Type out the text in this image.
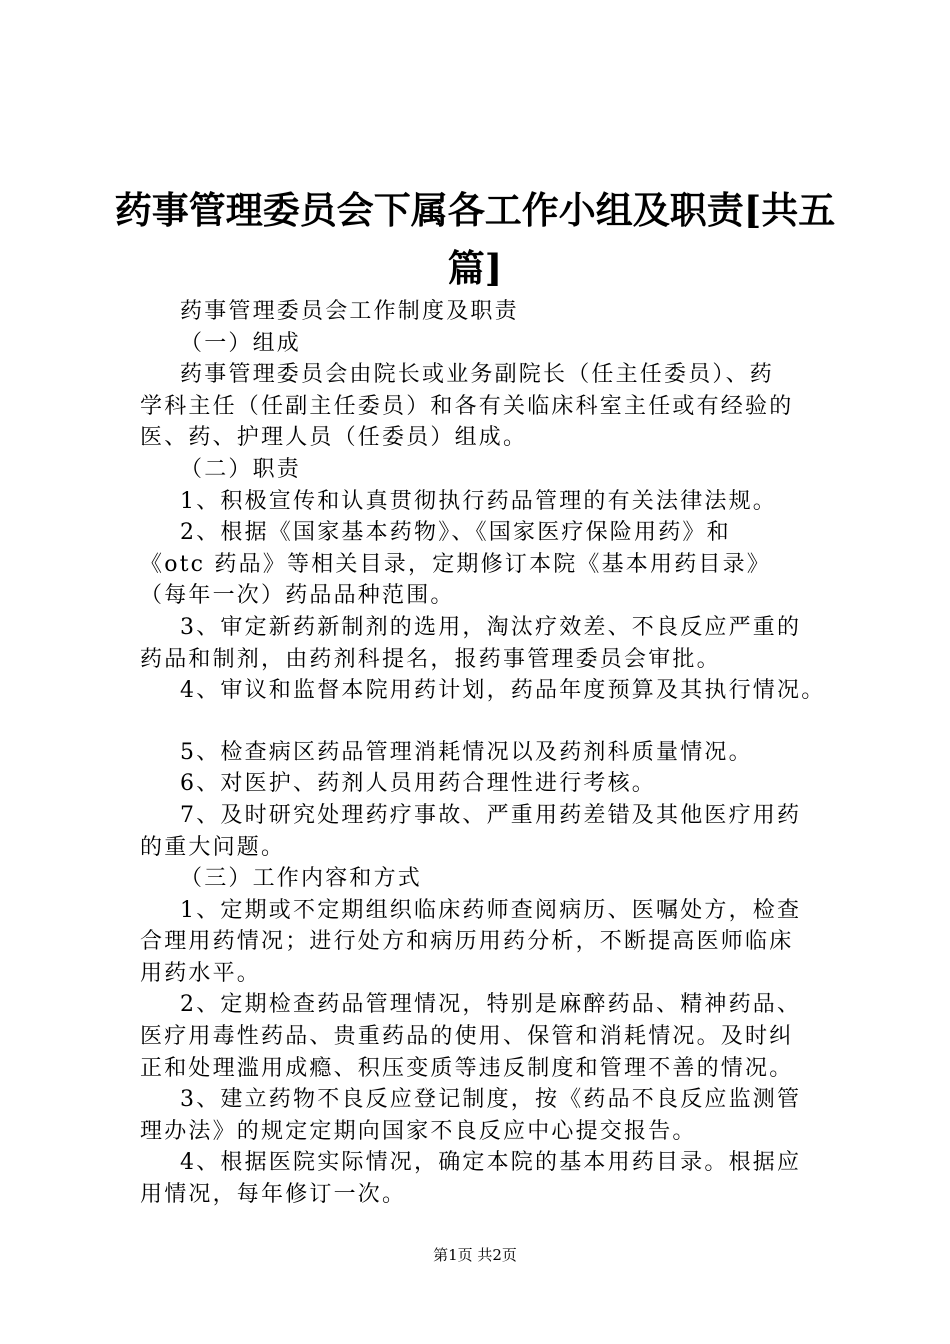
药事管理委员会下属各工作小组及职责[共五
篇]
药事管理委员会工作制度及职责
（一）组成
药事管理委员会由院长或业务副院长（任主任委员）、药
学科主任（任副主任委员）和各有关临床科室主任或有经验的
医、药、护理人员（任委员）组成。
（二）职责
1、积极宣传和认真贯彻执行药品管理的有关法律法规。
2、根据《国家基本药物》、《国家医疗保险用药》和
《otc 药品》等相关目录，定期修订本院《基本用药目录》
（每年一次）药品品种范围。
3、审定新药新制剂的选用，淘汰疗效差、不良反应严重的
药品和制剂，由药剂科提名，报药事管理委员会审批。
4、审议和监督本院用药计划，药品年度预算及其执行情况。
5、检查病区药品管理消耗情况以及药剂科质量情况。
6、对医护、药剂人员用药合理性进行考核。
7、及时研究处理药疗事故、严重用药差错及其他医疗用药
的重大问题。
（三）工作内容和方式
1、定期或不定期组织临床药师查阅病历、医嘱处方，检查
合理用药情况；进行处方和病历用药分析，不断提高医师临床
用药水平。
2、定期检查药品管理情况，特别是麻醉药品、精神药品、
医疗用毒性药品、贵重药品的使用、保管和消耗情况。及时纠
正和处理滥用成瘾、积压变质等违反制度和管理不善的情况。
3、建立药物不良反应登记制度，按《药品不良反应监测管
理办法》的规定定期向国家不良反应中心提交报告。
4、根据医院实际情况，确定本院的基本用药目录。根据应
用情况，每年修订一次。
第1页 共2页
